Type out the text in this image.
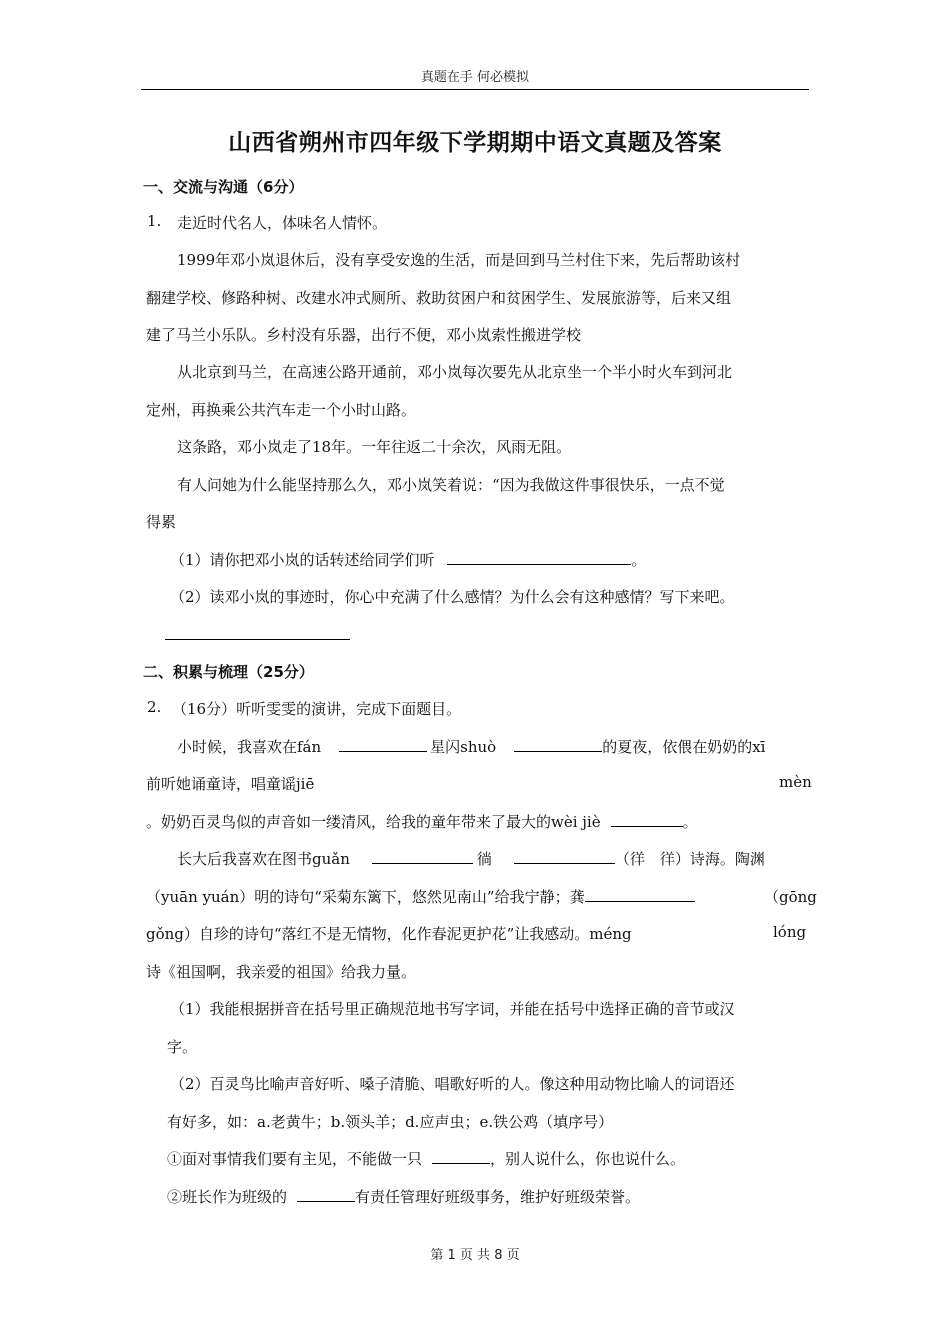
真题在手 何必模拟
山西省朔州市四年级下学期期中语文真题及答案
一、交流与沟通（6分）
1. 走近时代名人，体味名人情怀。
1999年邓小岚退休后，没有享受安逸的生活，而是回到马兰村住下来，先后帮助该村
翻建学校、修路种树、改建水冲式厕所、救助贫困户和贫困学生、发展旅游等，后来又组
建了马兰小乐队。乡村没有乐器，出行不便，邓小岚索性搬进学校
从北京到马兰，在高速公路开通前，邓小岚每次要先从北京坐一个半小时火车到河北
定州，再换乘公共汽车走一个小时山路。
这条路，邓小岚走了18年。一年往返二十余次，风雨无阻。
有人问她为什么能坚持那么久，邓小岚笑着说：“因为我做这件事很快乐，一点不觉
得累
（1）请你把邓小岚的话转述给同学们听	。
（2）读邓小岚的事迹时，你心中充满了什么感情？为什么会有这种感情？写下来吧。
二、积累与梳理（25分）
2. （16分）听听雯雯的演讲，完成下面题目。
小时候，我喜欢在fán	星闪shuò	的夏夜，依偎在奶奶的xī
前听她诵童诗，唱童谣jiē	mèn
。奶奶百灵鸟似的声音如一缕清风，给我的童年带来了最大的wèi jiè	。
长大后我喜欢在图书guǎn	徜	（徉　徉）诗海。陶渊
（yuān yuán）明的诗句“采菊东篱下，悠然见南山”给我宁静；龚	（gōng
gǒng）自珍的诗句“落红不是无情物，化作春泥更护花”让我感动。méng	lóng
诗《祖国啊，我亲爱的祖国》给我力量。
（1）我能根据拼音在括号里正确规范地书写字词，并能在括号中选择正确的音节或汉
字。
（2）百灵鸟比喻声音好听、嗓子清脆、唱歌好听的人。像这种用动物比喻人的词语还
有好多，如：a.老黄牛；b.领头羊；d.应声虫；e.铁公鸡（填序号）
①面对事情我们要有主见，不能做一只	，别人说什么，你也说什么。
②班长作为班级的	有责任管理好班级事务，维护好班级荣誉。
第 1 页 共 8 页
